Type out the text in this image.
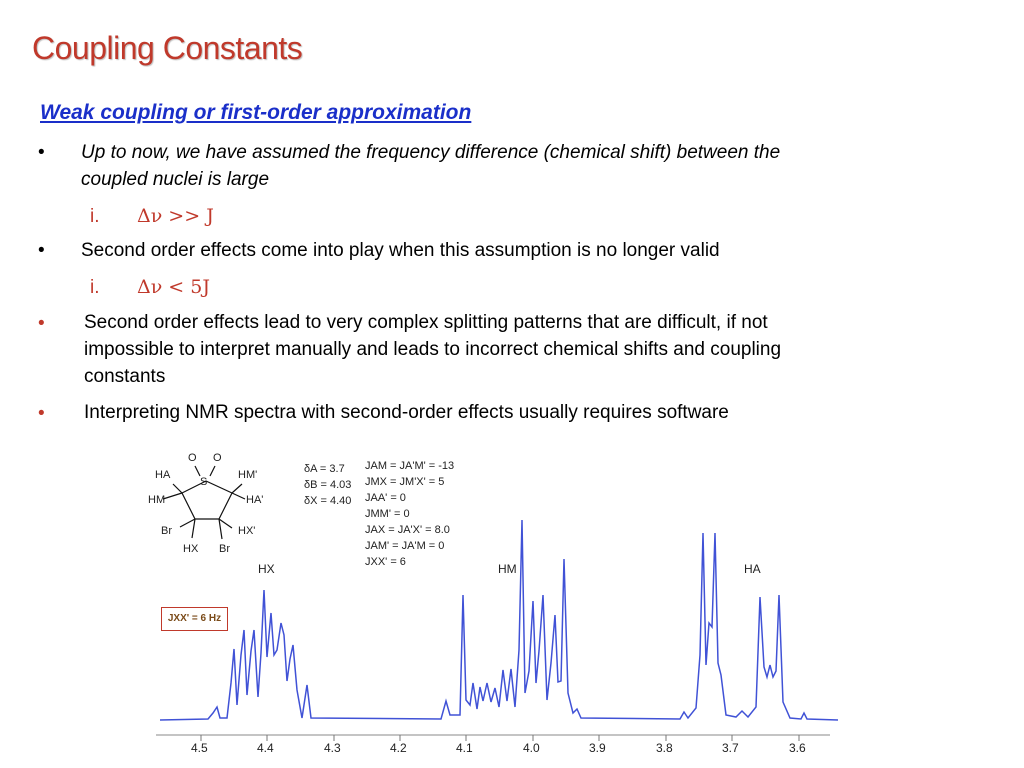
Coupling Constants
Weak coupling or first-order approximation
• Up to now, we have assumed the frequency difference (chemical shift) between the
coupled nuclei is large
i. Δν >> J
• Second order effects come into play when this assumption is no longer valid
i. Δν < 5J
• Second order effects lead to very complex splitting patterns that are difficult, if not
impossible to interpret manually and leads to incorrect chemical shifts and coupling
constants
• Interpreting NMR spectra with second-order effects usually requires software
O O
S
HA	HM'
HM	HA'
Br	HX'
HX Br
δA = 3.7
δB = 4.03
δX = 4.40
JAM = JA'M' = -13
JMX = JM'X' = 5
JAA' = 0
JMM' = 0
JAX = JA'X' = 8.0
JAM' = JA'M = 0
JXX' = 6
HX	HM	HA
4.5	4.4	4.3	4.2	4.1	4.0	3.9	3.8	3.7	3.6
JXX' = 6 Hz
